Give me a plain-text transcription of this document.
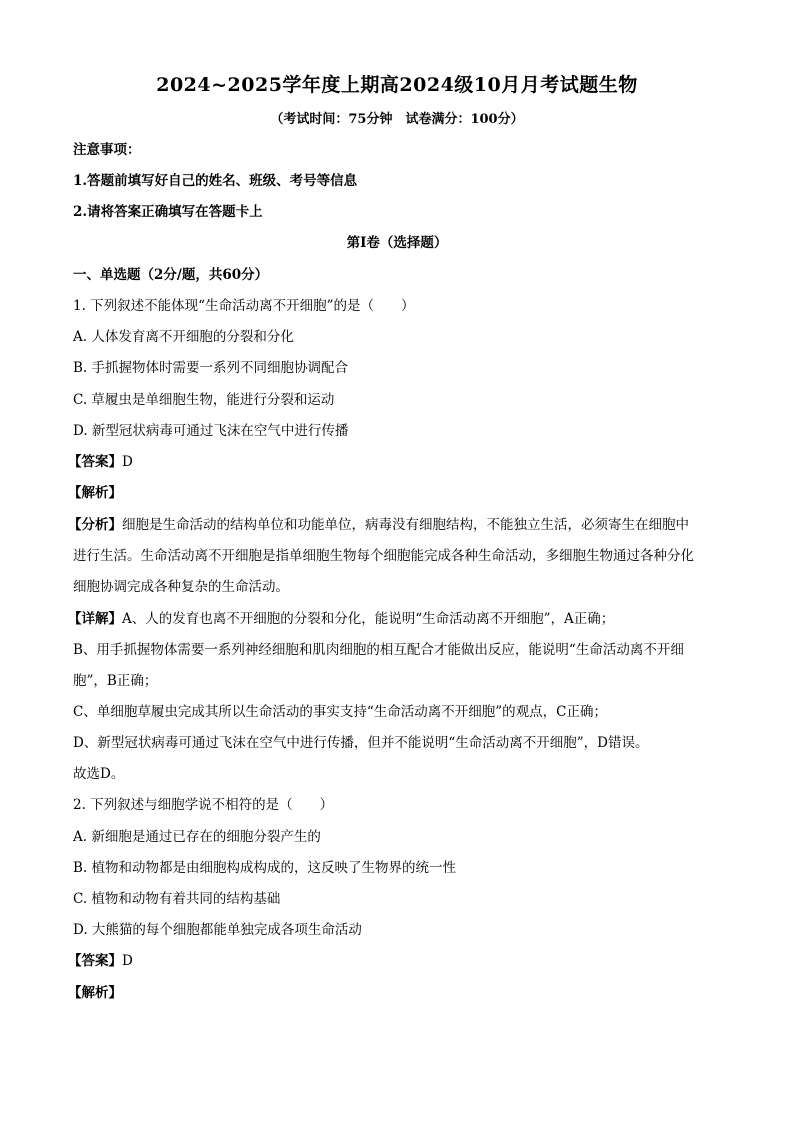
2024~2025学年度上期高2024级10月月考试题生物
（考试时间：75分钟　试卷满分：100分）
注意事项：
1.答题前填写好自己的姓名、班级、考号等信息
2.请将答案正确填写在答题卡上
第I卷（选择题）
一、单选题（2分/题，共60分）
1. 下列叙述不能体现“生命活动离不开细胞”的是（　　）
A. 人体发育离不开细胞的分裂和分化
B. 手抓握物体时需要一系列不同细胞协调配合
C. 草履虫是单细胞生物，能进行分裂和运动
D. 新型冠状病毒可通过飞沫在空气中进行传播
【答案】D
【解析】
【分析】细胞是生命活动的结构单位和功能单位，病毒没有细胞结构，不能独立生活，必须寄生在细胞中
进行生活。生命活动离不开细胞是指单细胞生物每个细胞能完成各种生命活动，多细胞生物通过各种分化
细胞协调完成各种复杂的生命活动。
【详解】A、人的发育也离不开细胞的分裂和分化，能说明“生命活动离不开细胞”，A正确；
B、用手抓握物体需要一系列神经细胞和肌肉细胞的相互配合才能做出反应，能说明“生命活动离不开细
胞”，B正确；
C、单细胞草履虫完成其所以生命活动的事实支持“生命活动离不开细胞”的观点，C正确；
D、新型冠状病毒可通过飞沫在空气中进行传播，但并不能说明“生命活动离不开细胞”，D错误。
故选D。
2. 下列叙述与细胞学说不相符的是（　　）
A. 新细胞是通过已存在的细胞分裂产生的
B. 植物和动物都是由细胞构成构成的，这反映了生物界的统一性
C. 植物和动物有着共同的结构基础
D. 大熊猫的每个细胞都能单独完成各项生命活动
【答案】D
【解析】
